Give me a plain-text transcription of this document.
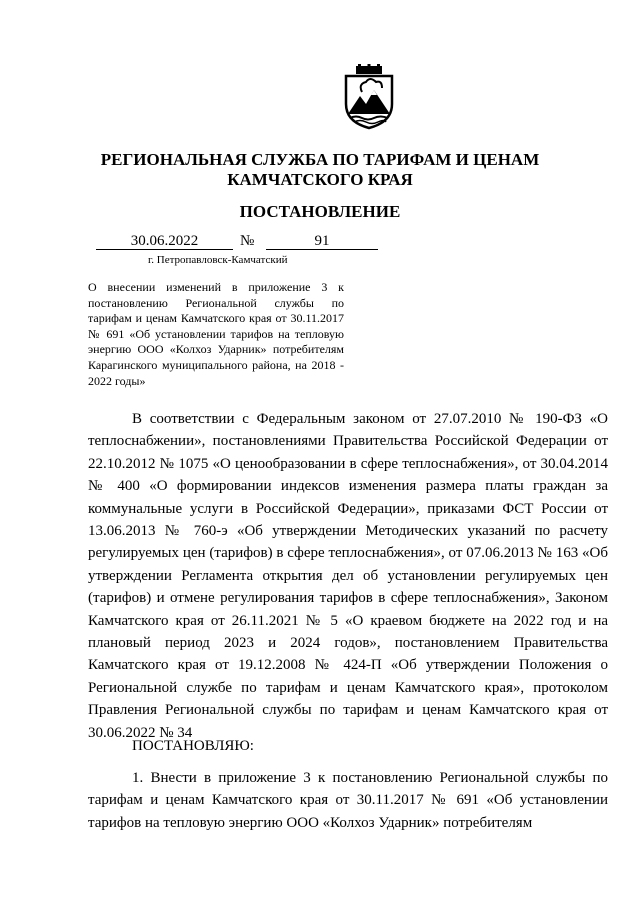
РЕГИОНАЛЬНАЯ СЛУЖБА ПО ТАРИФАМ И ЦЕНАМ
КАМЧАТСКОГО КРАЯ
ПОСТАНОВЛЕНИЕ
30.06.2022	№	91
г. Петропавловск-Камчатский
О внесении изменений в приложение 3 к постановлению Региональной службы по тарифам и ценам Камчатского края от 30.11.2017 № 691 «Об установлении тарифов на тепловую энергию ООО «Колхоз Ударник» потребителям Карагинского муниципального района, на 2018 - 2022 годы»
В соответствии с Федеральным законом от 27.07.2010 № 190-ФЗ «О теплоснабжении», постановлениями Правительства Российской Федерации от 22.10.2012 № 1075 «О ценообразовании в сфере теплоснабжения», от 30.04.2014 № 400 «О формировании индексов изменения размера платы граждан за коммунальные услуги в Российской Федерации», приказами ФСТ России от 13.06.2013 № 760-э «Об утверждении Методических указаний по расчету регулируемых цен (тарифов) в сфере теплоснабжения», от 07.06.2013 № 163 «Об утверждении Регламента открытия дел об установлении регулируемых цен (тарифов) и отмене регулирования тарифов в сфере теплоснабжения», Законом Камчатского края от 26.11.2021 № 5 «О краевом бюджете на 2022 год и на плановый период 2023 и 2024 годов», постановлением Правительства Камчатского края от 19.12.2008 № 424-П «Об утверждении Положения о Региональной службе по тарифам и ценам Камчатского края», протоколом Правления Региональной службы по тарифам и ценам Камчатского края от 30.06.2022 № 34
ПОСТАНОВЛЯЮ:
1. Внести в приложение 3 к постановлению Региональной службы по тарифам и ценам Камчатского края от 30.11.2017 № 691 «Об установлении тарифов на тепловую энергию ООО «Колхоз Ударник» потребителям
